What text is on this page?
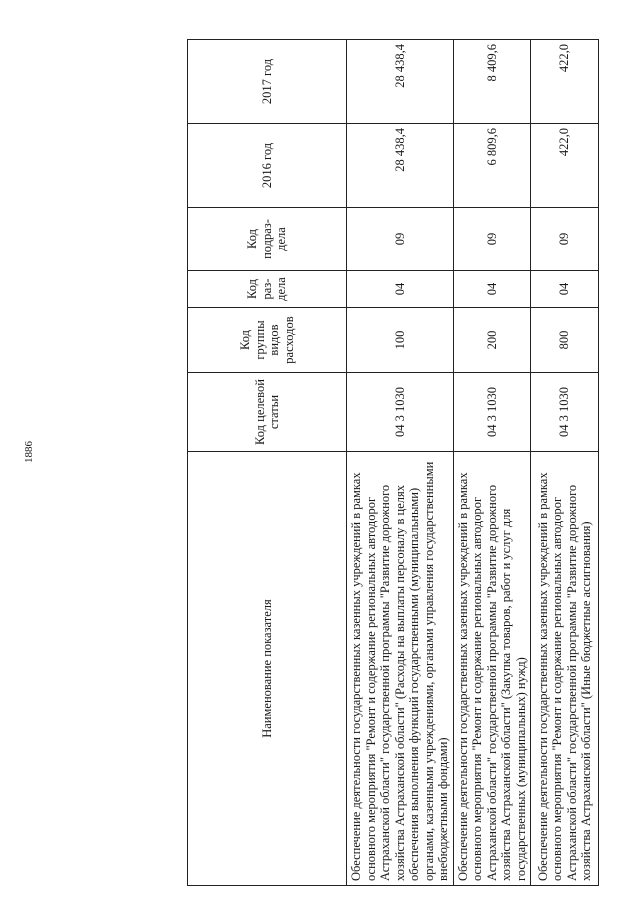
1886
Наименование показателя	Код целевой статьи	Код группы видов расходов	Код раз-дела	Код подраз-дела	2016 год	2017 год
Обеспечение деятельности государственных казенных учреждений в рамках основного мероприятия "Ремонт и содержание региональных автодорог Астраханской области" государственной программы "Развитие дорожного хозяйства Астраханской области" (Расходы на выплаты персоналу в целях обеспечения выполнения функций государственными (муниципальными) органами, казенными учреждениями, органами управления государственными внебюджетными фондами)	04 3 1030	100	04	09	28 438,4	28 438,4
Обеспечение деятельности государственных казенных учреждений в рамках основного мероприятия "Ремонт и содержание региональных автодорог Астраханской области" государственной программы "Развитие дорожного хозяйства Астраханской области" (Закупка товаров, работ и услуг для государственных (муниципальных) нужд)	04 3 1030	200	04	09	6 809,6	8 409,6
Обеспечение деятельности государственных казенных учреждений в рамках основного мероприятия "Ремонт и содержание региональных автодорог Астраханской области" государственной программы "Развитие дорожного хозяйства Астраханской области" (Иные бюджетные ассигнования)	04 3 1030	800	04	09	422,0	422,0
